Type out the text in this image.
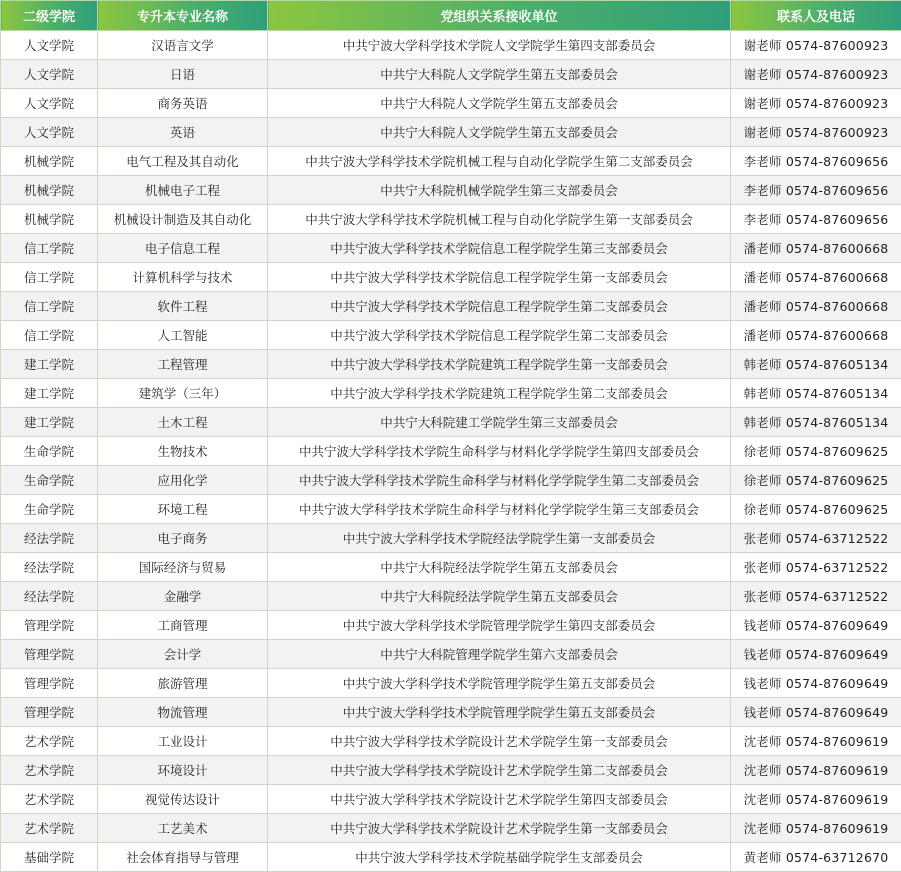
二级学院	专升本专业名称	党组织关系接收单位	联系人及电话
人文学院	汉语言文学	中共宁波大学科学技术学院人文学院学生第四支部委员会	谢老师 0574-87600923
人文学院	日语	中共宁大科院人文学院学生第五支部委员会	谢老师 0574-87600923
人文学院	商务英语	中共宁大科院人文学院学生第五支部委员会	谢老师 0574-87600923
人文学院	英语	中共宁大科院人文学院学生第五支部委员会	谢老师 0574-87600923
机械学院	电气工程及其自动化	中共宁波大学科学技术学院机械工程与自动化学院学生第二支部委员会	李老师 0574-87609656
机械学院	机械电子工程	中共宁大科院机械学院学生第三支部委员会	李老师 0574-87609656
机械学院	机械设计制造及其自动化	中共宁波大学科学技术学院机械工程与自动化学院学生第一支部委员会	李老师 0574-87609656
信工学院	电子信息工程	中共宁波大学科学技术学院信息工程学院学生第三支部委员会	潘老师 0574-87600668
信工学院	计算机科学与技术	中共宁波大学科学技术学院信息工程学院学生第一支部委员会	潘老师 0574-87600668
信工学院	软件工程	中共宁波大学科学技术学院信息工程学院学生第二支部委员会	潘老师 0574-87600668
信工学院	人工智能	中共宁波大学科学技术学院信息工程学院学生第二支部委员会	潘老师 0574-87600668
建工学院	工程管理	中共宁波大学科学技术学院建筑工程学院学生第一支部委员会	韩老师 0574-87605134
建工学院	建筑学（三年）	中共宁波大学科学技术学院建筑工程学院学生第二支部委员会	韩老师 0574-87605134
建工学院	土木工程	中共宁大科院建工学院学生第三支部委员会	韩老师 0574-87605134
生命学院	生物技术	中共宁波大学科学技术学院生命科学与材料化学学院学生第四支部委员会	徐老师 0574-87609625
生命学院	应用化学	中共宁波大学科学技术学院生命科学与材料化学学院学生第二支部委员会	徐老师 0574-87609625
生命学院	环境工程	中共宁波大学科学技术学院生命科学与材料化学学院学生第三支部委员会	徐老师 0574-87609625
经法学院	电子商务	中共宁波大学科学技术学院经法学院学生第一支部委员会	张老师 0574-63712522
经法学院	国际经济与贸易	中共宁大科院经法学院学生第五支部委员会	张老师 0574-63712522
经法学院	金融学	中共宁大科院经法学院学生第五支部委员会	张老师 0574-63712522
管理学院	工商管理	中共宁波大学科学技术学院管理学院学生第四支部委员会	钱老师 0574-87609649
管理学院	会计学	中共宁大科院管理学院学生第六支部委员会	钱老师 0574-87609649
管理学院	旅游管理	中共宁波大学科学技术学院管理学院学生第五支部委员会	钱老师 0574-87609649
管理学院	物流管理	中共宁波大学科学技术学院管理学院学生第五支部委员会	钱老师 0574-87609649
艺术学院	工业设计	中共宁波大学科学技术学院设计艺术学院学生第一支部委员会	沈老师 0574-87609619
艺术学院	环境设计	中共宁波大学科学技术学院设计艺术学院学生第二支部委员会	沈老师 0574-87609619
艺术学院	视觉传达设计	中共宁波大学科学技术学院设计艺术学院学生第四支部委员会	沈老师 0574-87609619
艺术学院	工艺美术	中共宁波大学科学技术学院设计艺术学院学生第一支部委员会	沈老师 0574-87609619
基础学院	社会体育指导与管理	中共宁波大学科学技术学院基础学院学生支部委员会	黄老师 0574-63712670
